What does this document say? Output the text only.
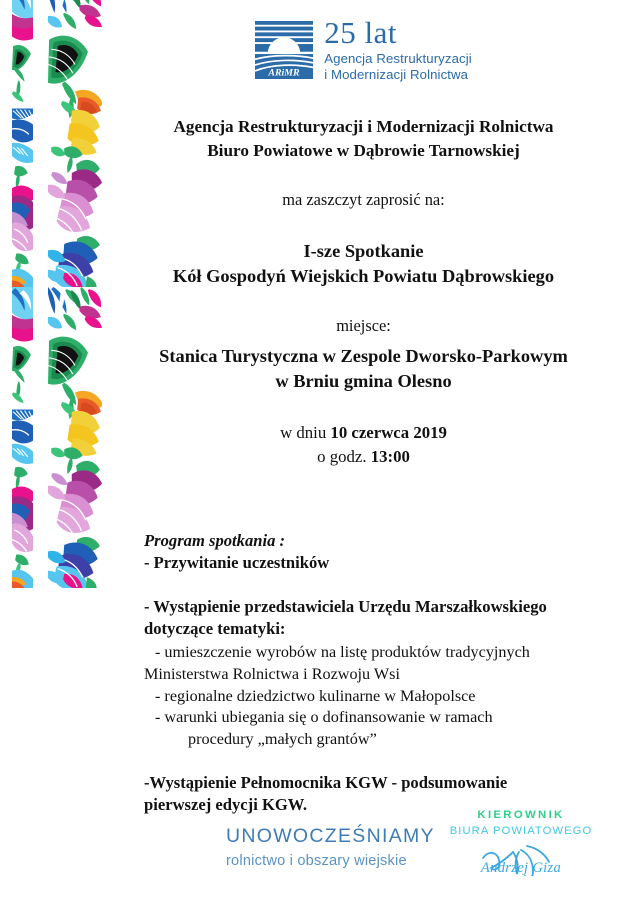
ARiMR
25 lat
Agencja Restrukturyzacji
i Modernizacji Rolnictwa
Agencja Restrukturyzacji i Modernizacji Rolnictwa
Biuro Powiatowe w Dąbrowie Tarnowskiej
ma zaszczyt zaprosić na:
I-sze Spotkanie
Kół Gospodyń Wiejskich Powiatu Dąbrowskiego
miejsce:
Stanica Turystyczna w Zespole Dworsko-Parkowym
w Brniu gmina Olesno
w dniu 10 czerwca 2019
o godz. 13:00
Program spotkania :
- Przywitanie uczestników
- Wystąpienie przedstawiciela Urzędu Marszałkowskiego
dotyczące tematyki:
- umieszczenie wyrobów na listę produktów tradycyjnych
Ministerstwa Rolnictwa i Rozwoju Wsi
- regionalne dziedzictwo kulinarne w Małopolsce
- warunki ubiegania się o dofinansowanie w ramach
procedury „małych grantów”
-Wystąpienie Pełnomocnika KGW - podsumowanie
pierwszej edycji KGW.
UNOWOCZEŚNIAMY
rolnictwo i obszary wiejskie
KIEROWNIK
BIURA POWIATOWEGO
Andrzej Giza
